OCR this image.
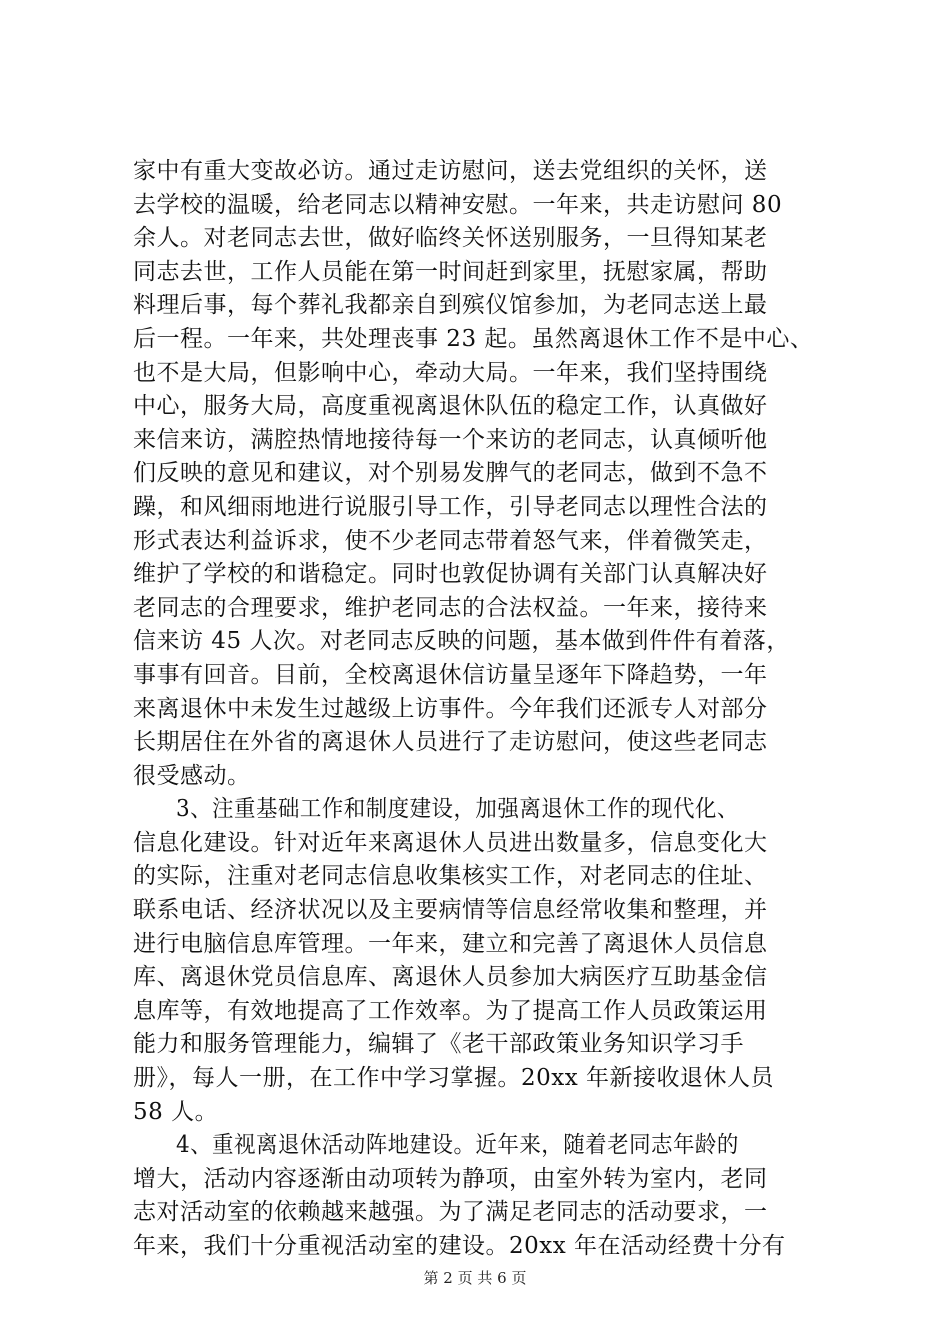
家中有重大变故必访。通过走访慰问，送去党组织的关怀，送
去学校的温暖，给老同志以精神安慰。一年来，共走访慰问 80
余人。对老同志去世，做好临终关怀送别服务，一旦得知某老
同志去世，工作人员能在第一时间赶到家里，抚慰家属，帮助
料理后事，每个葬礼我都亲自到殡仪馆参加，为老同志送上最
后一程。一年来，共处理丧事 23 起。虽然离退休工作不是中心、
也不是大局，但影响中心，牵动大局。一年来，我们坚持围绕
中心，服务大局，高度重视离退休队伍的稳定工作，认真做好
来信来访，满腔热情地接待每一个来访的老同志，认真倾听他
们反映的意见和建议，对个别易发脾气的老同志，做到不急不
躁，和风细雨地进行说服引导工作，引导老同志以理性合法的
形式表达利益诉求，使不少老同志带着怒气来，伴着微笑走，
维护了学校的和谐稳定。同时也敦促协调有关部门认真解决好
老同志的合理要求，维护老同志的合法权益。一年来，接待来
信来访 45 人次。对老同志反映的问题，基本做到件件有着落，
事事有回音。目前，全校离退休信访量呈逐年下降趋势，一年
来离退休中未发生过越级上访事件。今年我们还派专人对部分
长期居住在外省的离退休人员进行了走访慰问，使这些老同志
很受感动。
3、注重基础工作和制度建设，加强离退休工作的现代化、
信息化建设。针对近年来离退休人员进出数量多，信息变化大
的实际，注重对老同志信息收集核实工作，对老同志的住址、
联系电话、经济状况以及主要病情等信息经常收集和整理，并
进行电脑信息库管理。一年来，建立和完善了离退休人员信息
库、离退休党员信息库、离退休人员参加大病医疗互助基金信
息库等，有效地提高了工作效率。为了提高工作人员政策运用
能力和服务管理能力，编辑了《老干部政策业务知识学习手
册》，每人一册，在工作中学习掌握。20xx 年新接收退休人员
58 人。
4、重视离退休活动阵地建设。近年来，随着老同志年龄的
增大，活动内容逐渐由动项转为静项，由室外转为室内，老同
志对活动室的依赖越来越强。为了满足老同志的活动要求，一
年来，我们十分重视活动室的建设。20xx 年在活动经费十分有
第 2 页 共 6 页
